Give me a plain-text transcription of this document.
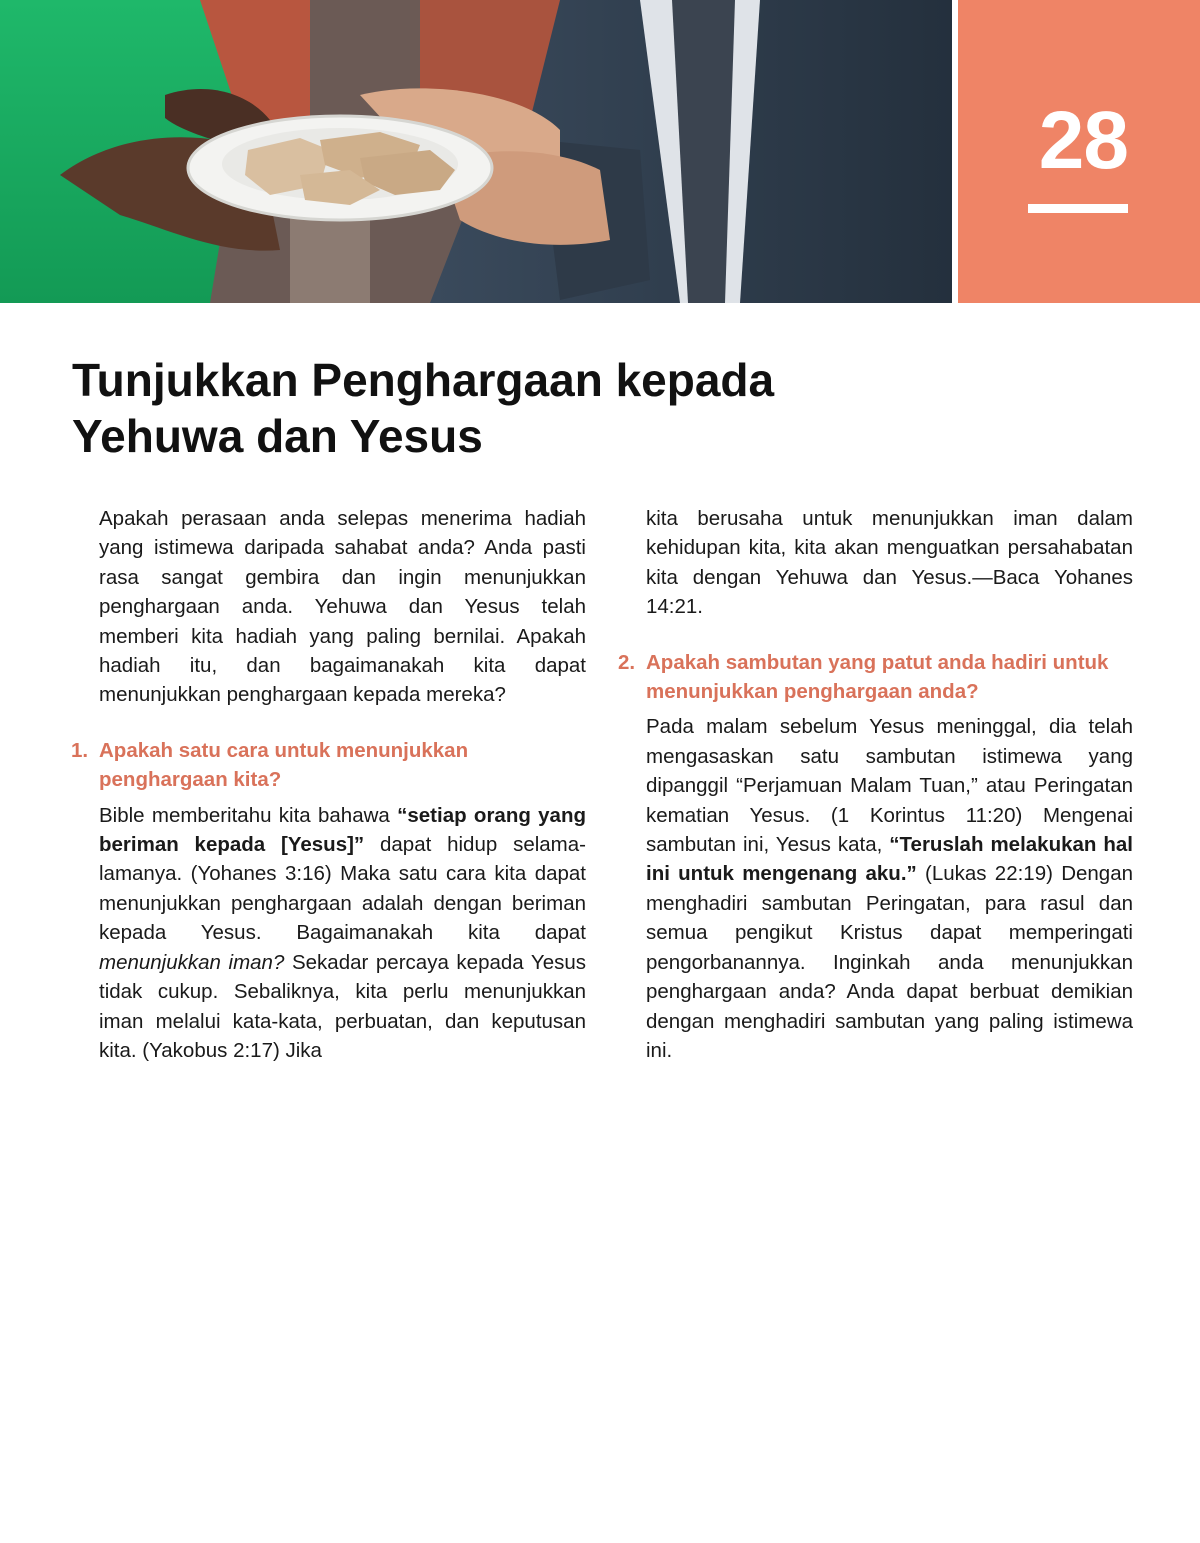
28
Tunjukkan Penghargaan kepada Yehuwa dan Yesus

Apakah perasaan anda selepas menerima hadiah yang istimewa daripada sahabat anda? Anda pasti rasa sangat gembira dan ingin menunjukkan penghargaan anda. Yehuwa dan Yesus telah memberi kita hadiah yang paling bernilai. Apakah hadiah itu, dan bagaimanakah kita dapat menunjukkan penghargaan kepada mereka?

1. Apakah satu cara untuk menunjukkan penghargaan kita?

Bible memberitahu kita bahawa “setiap orang yang beriman kepada [Yesus]” dapat hidup selama-lamanya. (Yohanes 3:16) Maka satu cara kita dapat menunjukkan penghargaan adalah dengan beriman kepada Yesus. Bagaimanakah kita dapat menunjukkan iman? Sekadar percaya kepada Yesus tidak cukup. Sebaliknya, kita perlu menunjukkan iman melalui kata-kata, perbuatan, dan keputusan kita. (Yakobus 2:17) Jika

kita berusaha untuk menunjukkan iman dalam kehidupan kita, kita akan menguatkan persahabatan kita dengan Yehuwa dan Yesus.—Baca Yohanes 14:21.

2. Apakah sambutan yang patut anda hadiri untuk menunjukkan penghargaan anda?

Pada malam sebelum Yesus meninggal, dia telah mengasaskan satu sambutan istimewa yang dipanggil “Perjamuan Malam Tuan,” atau Peringatan kematian Yesus. (1 Korintus 11:20) Mengenai sambutan ini, Yesus kata, “Teruslah melakukan hal ini untuk mengenang aku.” (Lukas 22:19) Dengan menghadiri sambutan Peringatan, para rasul dan semua pengikut Kristus dapat memperingati pengorbanannya. Inginkah anda menunjukkan penghargaan anda? Anda dapat berbuat demikian dengan menghadiri sambutan yang paling istimewa ini.
